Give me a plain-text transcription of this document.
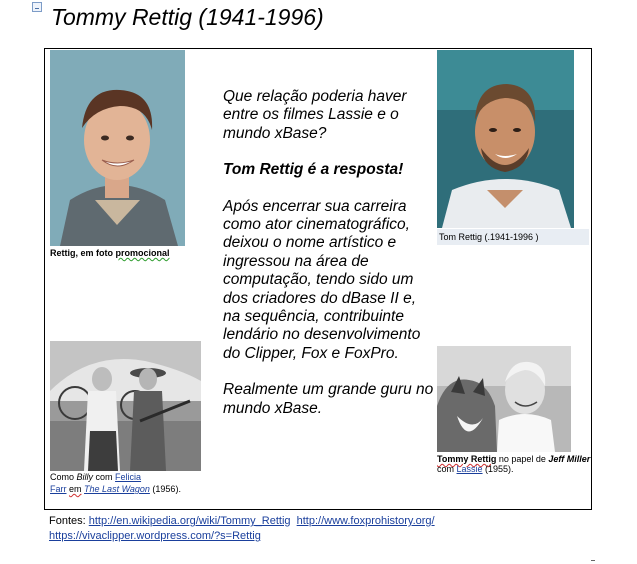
Tommy Rettig (1941-1996)
Rettig, em foto promocional

Que relação poderia haver entre os filmes Lassie e o mundo xBase?

Tom Rettig é a resposta!

Após encerrar sua carreira como ator cinematográfico, deixou o nome artístico e ingressou na área de computação, tendo sido um dos criadores do dBase II e, na sequência, contribuinte lendário no desenvolvimento do Clipper, Fox e FoxPro.

Realmente um grande guru no mundo xBase.

Tom Rettig (.1941-1996 )
Como Billy com Felicia
Farr em The Last Wagon (1956).
Tommy Rettig no papel de Jeff Miller
com Lassie (1955).
Fontes: http://en.wikipedia.org/wiki/Tommy_Rettig http://www.foxprohistory.org/
https://vivaclipper.wordpress.com/?s=Rettig
